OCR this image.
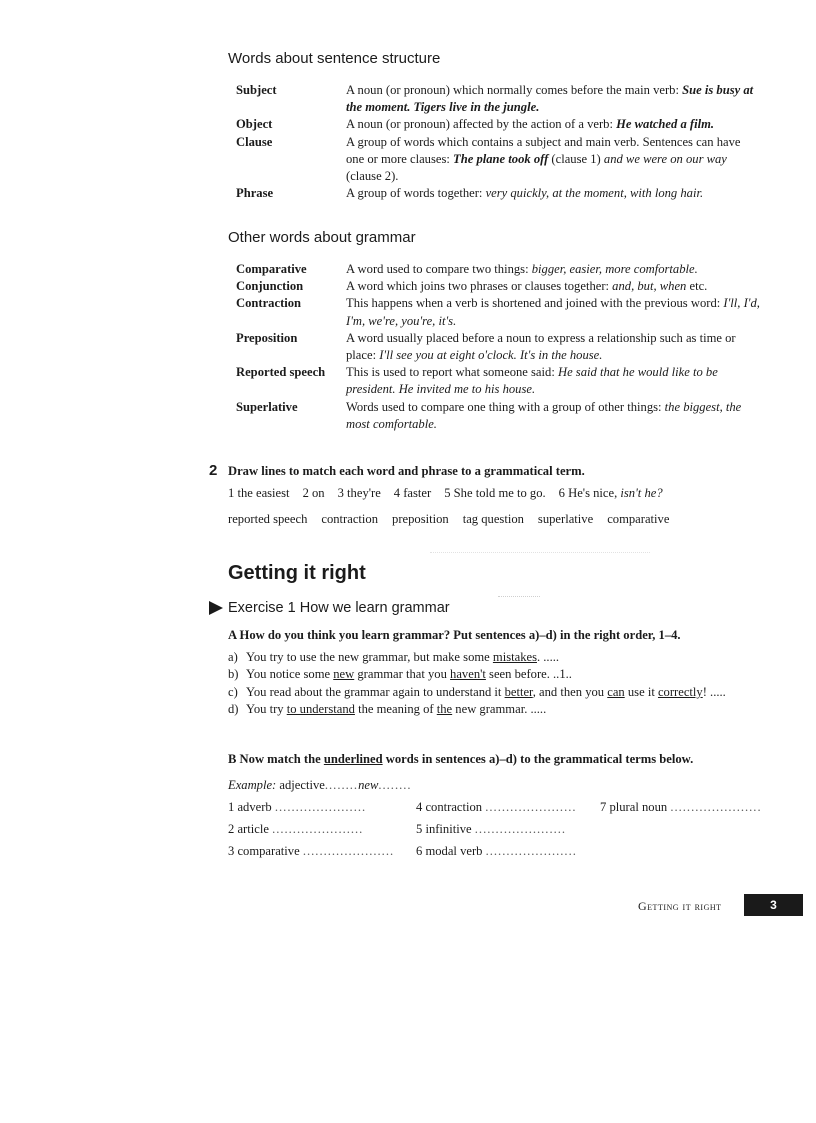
Words about sentence structure
Subject	A noun (or pronoun) which normally comes before the main verb: Sue is busy at the moment. Tigers live in the jungle.
Object	A noun (or pronoun) affected by the action of a verb: He watched a film.
Clause	A group of words which contains a subject and main verb. Sentences can have one or more clauses: The plane took off (clause 1) and we were on our way (clause 2).
Phrase	A group of words together: very quickly, at the moment, with long hair.
Other words about grammar
Comparative	A word used to compare two things: bigger, easier, more comfortable.
Conjunction	A word which joins two phrases or clauses together: and, but, when etc.
Contraction	This happens when a verb is shortened and joined with the previous word: I'll, I'd, I'm, we're, you're, it's.
Preposition	A word usually placed before a noun to express a relationship such as time or place: I'll see you at eight o'clock. It's in the house.
Reported speech	This is used to report what someone said: He said that he would like to be president. He invited me to his house.
Superlative	Words used to compare one thing with a group of other things: the biggest, the most comfortable.
2 Draw lines to match each word and phrase to a grammatical term.
1 the easiest 2 on 3 they're 4 faster 5 She told me to go. 6 He's nice, isn't he?
reported speech contraction preposition tag question superlative comparative
Getting it right
Exercise 1 How we learn grammar
A How do you think you learn grammar? Put sentences a)–d) in the right order, 1–4.
a) You try to use the new grammar, but make some mistakes. .....
b) You notice some new grammar that you haven't seen before. ..1..
c) You read about the grammar again to understand it better, and then you can use it correctly! .....
d) You try to understand the meaning of the new grammar. .....
B Now match the underlined words in sentences a)–d) to the grammatical terms below.
Example: adjective........new........
1 adverb ......................
2 article ......................
3 comparative ......................
4 contraction ......................
5 infinitive ......................
6 modal verb ......................
7 plural noun ......................
Getting it right	3
